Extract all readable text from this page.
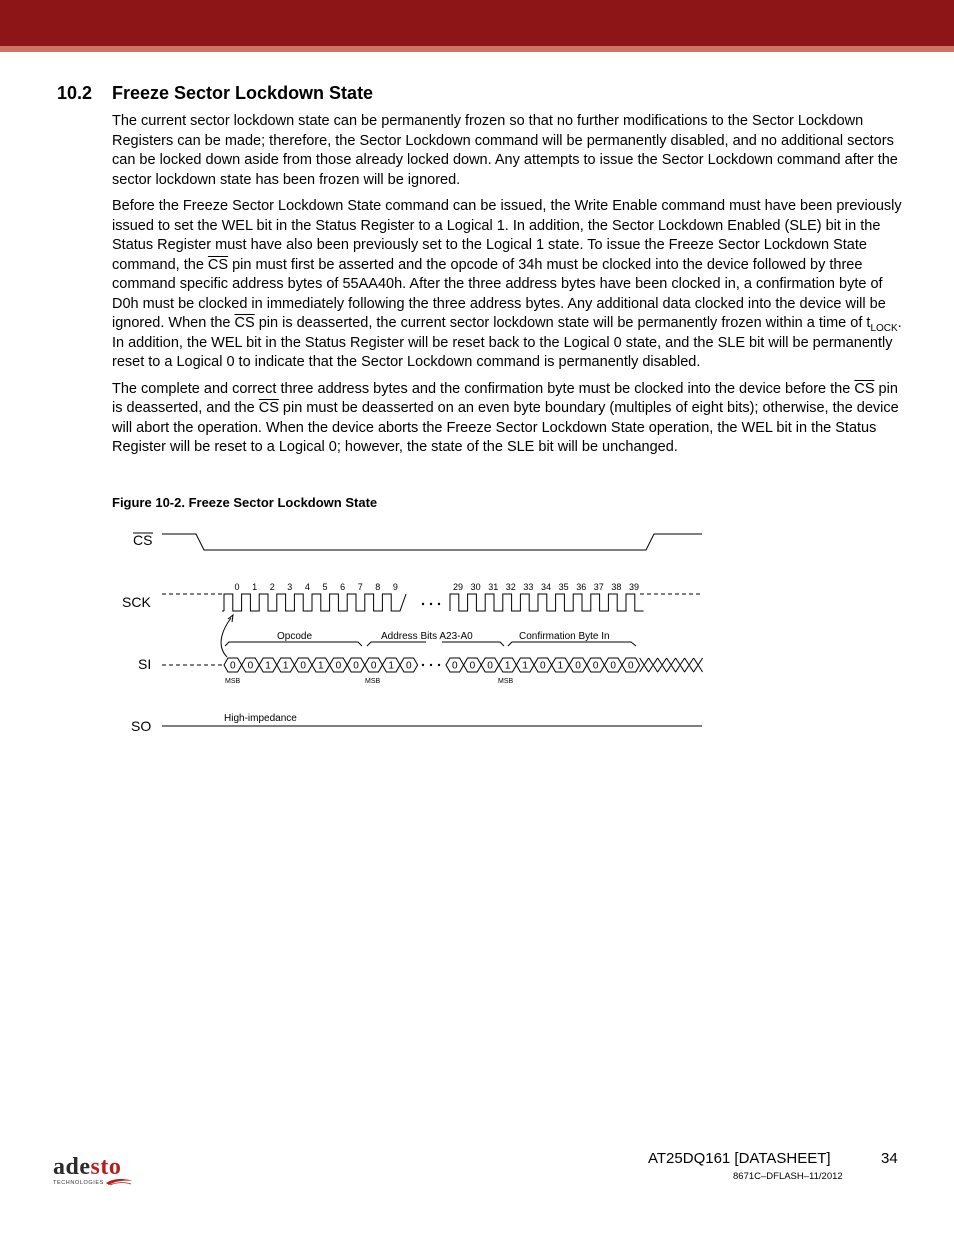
10.2 Freeze Sector Lockdown State

The current sector lockdown state can be permanently frozen so that no further modifications to the Sector Lockdown Registers can be made; therefore, the Sector Lockdown command will be permanently disabled, and no additional sectors can be locked down aside from those already locked down. Any attempts to issue the Sector Lockdown command after the sector lockdown state has been frozen will be ignored.

Before the Freeze Sector Lockdown State command can be issued, the Write Enable command must have been previously issued to set the WEL bit in the Status Register to a Logical 1. In addition, the Sector Lockdown Enabled (SLE) bit in the Status Register must have also been previously set to the Logical 1 state. To issue the Freeze Sector Lockdown State command, the $\overline{CS}$ pin must first be asserted and the opcode of 34h must be clocked into the device followed by three command specific address bytes of 55AA40h. After the three address bytes have been clocked in, a confirmation byte of D0h must be clocked in immediately following the three address bytes. Any additional data clocked into the device will be ignored. When the $\overline{CS}$ pin is deasserted, the current sector lockdown state will be permanently frozen within a time of $t_{LOCK}$. In addition, the WEL bit in the Status Register will be reset back to the Logical 0 state, and the SLE bit will be permanently reset to a Logical 0 to indicate that the Sector Lockdown command is permanently disabled.

The complete and correct three address bytes and the confirmation byte must be clocked into the device before the $\overline{CS}$ pin is deasserted, and the $\overline{CS}$ pin must be deasserted on an even byte boundary (multiples of eight bits); otherwise, the device will abort the operation. When the device aborts the Freeze Sector Lockdown State operation, the WEL bit in the Status Register will be reset to a Logical 0; however, the state of the SLE bit will be unchanged.

Figure 10-2. Freeze Sector Lockdown State
CS
SCK
SI
SO
Opcode	Address Bits A23-A0	Confirmation Byte In
MSB	MSB	MSB
High-impedance
0 1 2 3 4 5 6 7 8 9	29 30 31 32 33 34 35 36 37 38 39
0 0 1 1 0 1 0 0 0 1 0	0 0 0 1 1 0 1 0 0 0 0
adesto
TECHNOLOGIES
AT25DQ161 [DATASHEET]	34
8671C–DFLASH–11/2012
